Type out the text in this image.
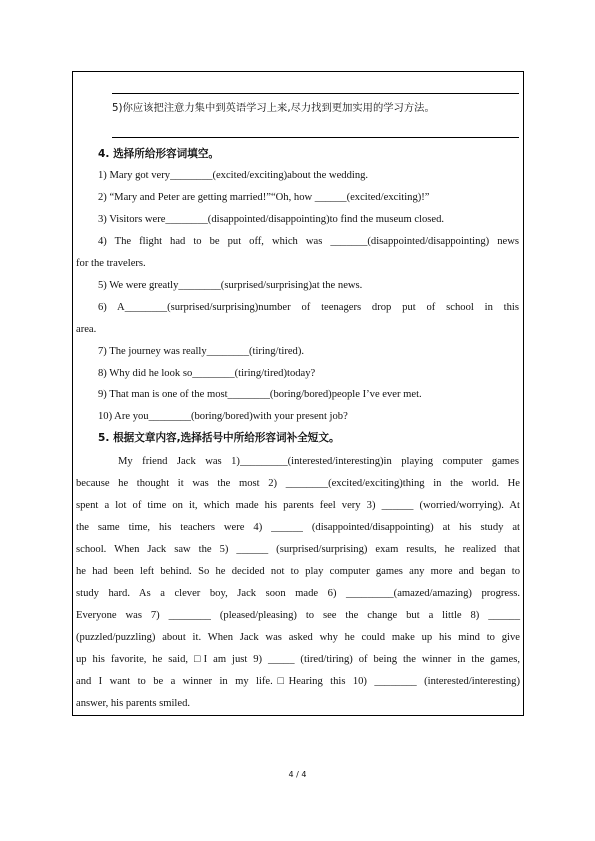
5)你应该把注意力集中到英语学习上来,尽力找到更加实用的学习方法。
4. 选择所给形容词填空。
1) Mary got very________(excited/exciting)about the wedding.
2) “Mary and Peter are getting married!”“Oh, how ______(excited/exciting)!”
3) Visitors were________(disappointed/disappointing)to find the museum closed.
4) The flight had to be put off, which was _______(disappointed/disappointing) news
for the travelers.
5) We were greatly________(surprised/surprising)at the news.
6) A________(surprised/surprising)number of teenagers drop put of school in this
area.
7) The journey was really________(tiring/tired).
8) Why did he look so________(tiring/tired)today?
9) That man is one of the most________(boring/bored)people I’ve ever met.
10) Are you________(boring/bored)with your present job?
5. 根据文章内容,选择括号中所给形容词补全短文。
My friend Jack was 1)_________(interested/interesting)in playing computer games
because he thought it was the most 2) ________(excited/exciting)thing in the world. He
spent a lot of time on it, which made his parents feel very 3) ______ (worried/worrying). At
the same time, his teachers were 4) ______ (disappointed/disappointing) at his study at
school. When Jack saw the 5) ______ (surprised/surprising) exam results, he realized that
he had been left behind. So he decided not to play computer games any more and began to
study hard. As a clever boy, Jack soon made 6) _________(amazed/amazing) progress.
Everyone was 7) ________ (pleased/pleasing) to see the change but a little 8) ______
(puzzled/puzzling) about it. When Jack was asked why he could make up his mind to give
up his favorite, he said, □I am just 9) _____ (tired/tiring) of being the winner in the games,
and I want to be a winner in my life.□Hearing this 10) ________ (interested/interesting)
answer, his parents smiled.
4 / 4
